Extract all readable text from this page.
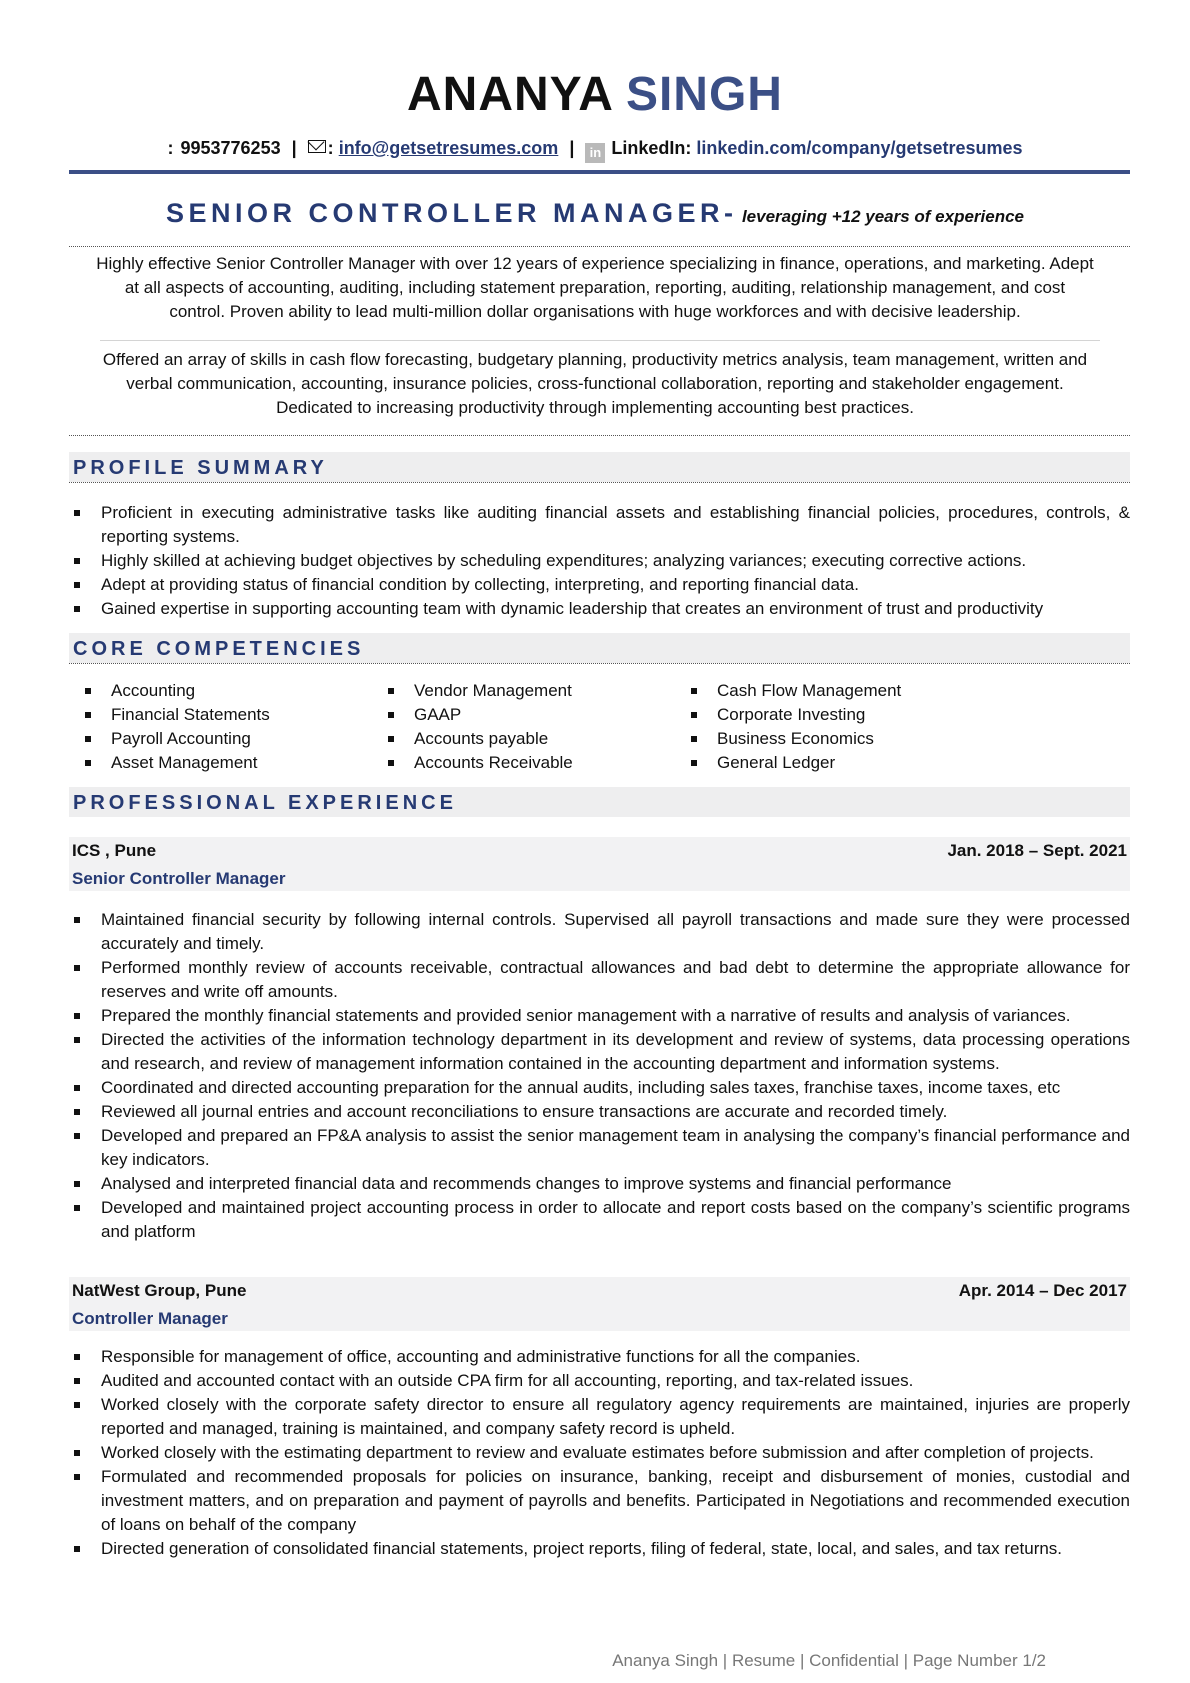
ANANYA SINGH
: 9953776253 | : info@getsetresumes.com | in LinkedIn: linkedin.com/company/getsetresumes
SENIOR CONTROLLER MANAGER- leveraging +12 years of experience
Highly effective Senior Controller Manager with over 12 years of experience specializing in finance, operations, and marketing. Adept at all aspects of accounting, auditing, including statement preparation, reporting, auditing, relationship management, and cost control. Proven ability to lead multi-million dollar organisations with huge workforces and with decisive leadership.
Offered an array of skills in cash flow forecasting, budgetary planning, productivity metrics analysis, team management, written and verbal communication, accounting, insurance policies, cross-functional collaboration, reporting and stakeholder engagement. Dedicated to increasing productivity through implementing accounting best practices.
PROFILE SUMMARY
Proficient in executing administrative tasks like auditing financial assets and establishing financial policies, procedures, controls, & reporting systems.
Highly skilled at achieving budget objectives by scheduling expenditures; analyzing variances; executing corrective actions.
Adept at providing status of financial condition by collecting, interpreting, and reporting financial data.
Gained expertise in supporting accounting team with dynamic leadership that creates an environment of trust and productivity
CORE COMPETENCIES
Accounting
Financial Statements
Payroll Accounting
Asset Management
Vendor Management
GAAP
Accounts payable
Accounts Receivable
Cash Flow Management
Corporate Investing
Business Economics
General Ledger
PROFESSIONAL EXPERIENCE
ICS , Pune	Jan. 2018 – Sept. 2021
Senior Controller Manager
Maintained financial security by following internal controls. Supervised all payroll transactions and made sure they were processed accurately and timely.
Performed monthly review of accounts receivable, contractual allowances and bad debt to determine the appropriate allowance for reserves and write off amounts.
Prepared the monthly financial statements and provided senior management with a narrative of results and analysis of variances.
Directed the activities of the information technology department in its development and review of systems, data processing operations and research, and review of management information contained in the accounting department and information systems.
Coordinated and directed accounting preparation for the annual audits, including sales taxes, franchise taxes, income taxes, etc
Reviewed all journal entries and account reconciliations to ensure transactions are accurate and recorded timely.
Developed and prepared an FP&A analysis to assist the senior management team in analysing the company’s financial performance and key indicators.
Analysed and interpreted financial data and recommends changes to improve systems and financial performance
Developed and maintained project accounting process in order to allocate and report costs based on the company’s scientific programs and platform
NatWest Group, Pune	Apr. 2014 – Dec 2017
Controller Manager
Responsible for management of office, accounting and administrative functions for all the companies.
Audited and accounted contact with an outside CPA firm for all accounting, reporting, and tax-related issues.
Worked closely with the corporate safety director to ensure all regulatory agency requirements are maintained, injuries are properly reported and managed, training is maintained, and company safety record is upheld.
Worked closely with the estimating department to review and evaluate estimates before submission and after completion of projects.
Formulated and recommended proposals for policies on insurance, banking, receipt and disbursement of monies, custodial and investment matters, and on preparation and payment of payrolls and benefits. Participated in Negotiations and recommended execution of loans on behalf of the company
Directed generation of consolidated financial statements, project reports, filing of federal, state, local, and sales, and tax returns.
Ananya Singh | Resume | Confidential | Page Number 1/2
